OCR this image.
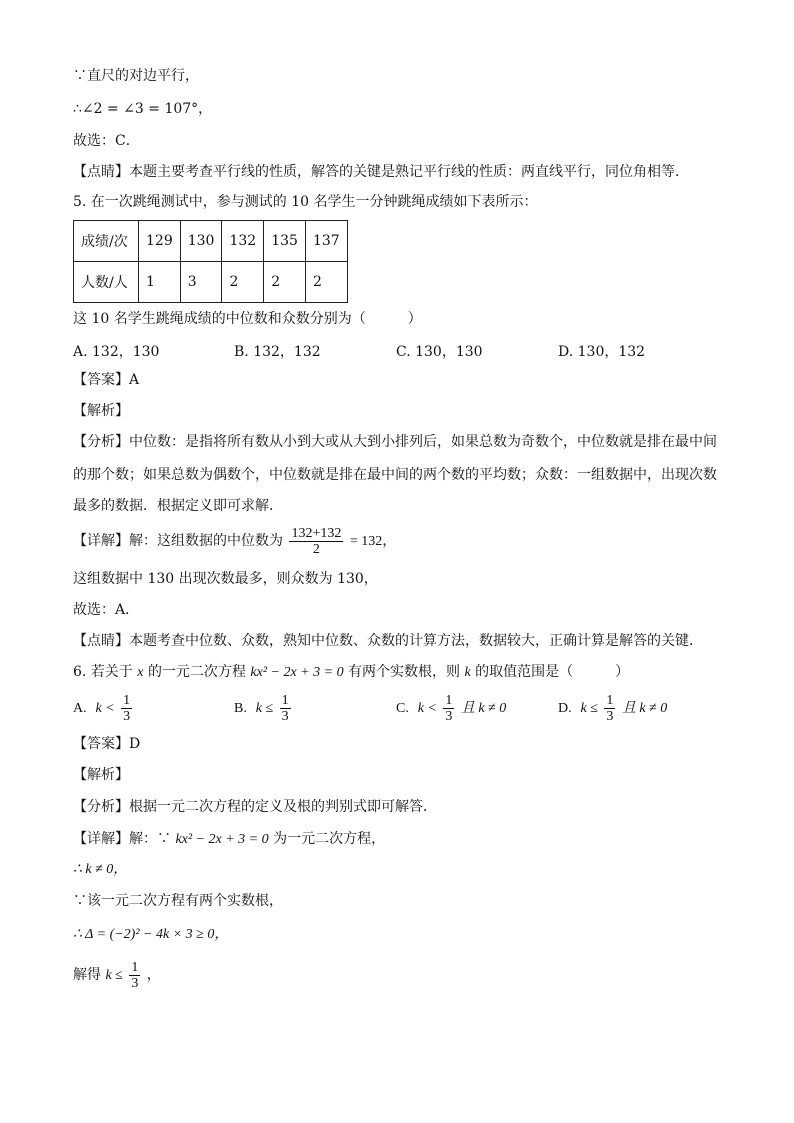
∵直尺的对边平行，
∴∠2 = ∠3 = 107°，
故选：C．
【点睛】本题主要考查平行线的性质，解答的关键是熟记平行线的性质：两直线平行，同位角相等．
5. 在一次跳绳测试中，参与测试的 10 名学生一分钟跳绳成绩如下表所示：
成绩/次	129	130	132	135	137
人数/人	1	3	2	2	2
这 10 名学生跳绳成绩的中位数和众数分别为（　　　）
A. 132，130	B. 132，132	C. 130，130	D. 130，132
【答案】A
【解析】
【分析】中位数：是指将所有数从小到大或从大到小排列后，如果总数为奇数个，中位数就是排在最中间
的那个数；如果总数为偶数个，中位数就是排在最中间的两个数的平均数；众数：一组数据中，出现次数
最多的数据．根据定义即可求解．
【详解】解：这组数据的中位数为 $\frac{132+132}{2} = 132$，
这组数据中 130 出现次数最多，则众数为 130，
故选：A．
【点睛】本题考查中位数、众数，熟知中位数、众数的计算方法，数据较大，正确计算是解答的关键．
6. 若关于 x 的一元二次方程 kx² − 2x + 3 = 0 有两个实数根，则 k 的取值范围是（　　　）
A. $k < \frac{1}{3}$	B. $k \le \frac{1}{3}$	C. $k < \frac{1}{3}$ 且 k ≠ 0	D. $k \le \frac{1}{3}$ 且 k ≠ 0
【答案】D
【解析】
【分析】根据一元二次方程的定义及根的判别式即可解答．
【详解】解：∵ kx² − 2x + 3 = 0 为一元二次方程，
∴ k ≠ 0，
∵该一元二次方程有两个实数根，
∴ Δ = (−2)² − 4k × 3 ≥ 0，
解得 $k \le \frac{1}{3}$ ，
